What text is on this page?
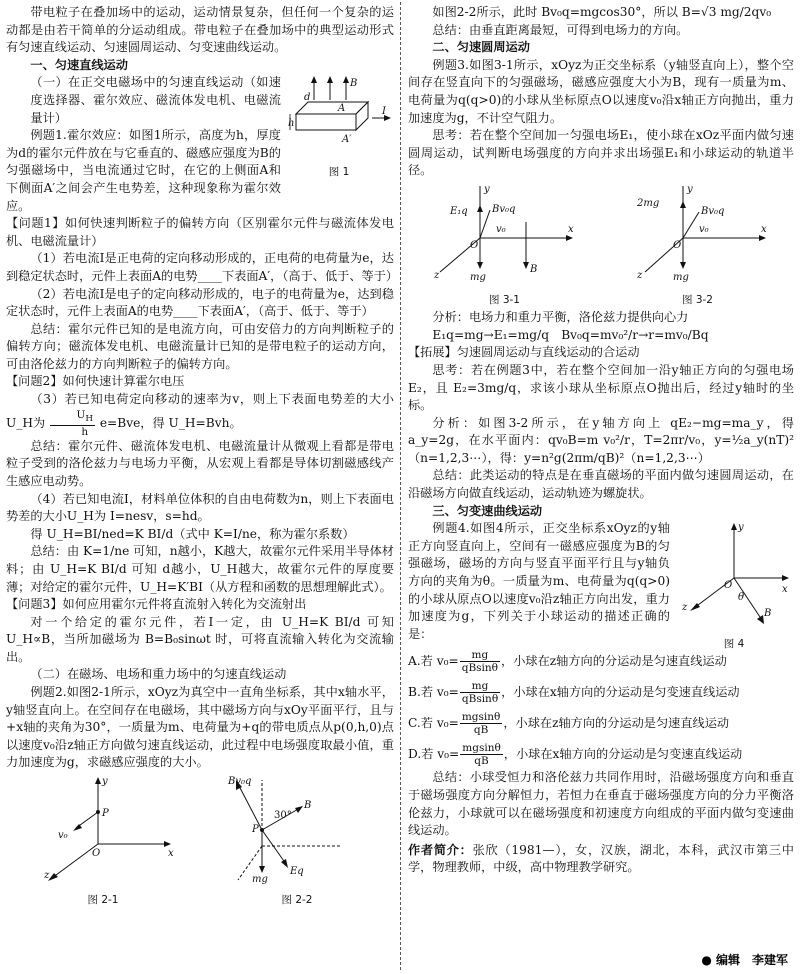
带电粒子在叠加场中的运动，运动情景复杂，但任何一个复杂的运动都是由若干简单的分运动组成。带电粒子在叠加场中的典型运动形式有匀速直线运动、匀速圆周运动、匀变速曲线运动。

一、匀速直线运动

（一）在正交电磁场中的匀速直线运动（如速度选择器、霍尔效应、磁流体发电机、电磁流量计）

例题1.霍尔效应：如图1所示，高度为h，厚度为d的霍尔元件放在与它垂直的、磁感应强度为B的匀强磁场中，当电流通过它时，在它的上侧面A和下侧面A′之间会产生电势差，这种现象称为霍尔效应。

B
A
h
d
I
A′
图 1

【问题1】如何快速判断粒子的偏转方向（区别霍尔元件与磁流体发电机、电磁流量计）

（1）若电流I是正电荷的定向移动形成的，正电荷的电荷量为e，达到稳定状态时，元件上表面A的电势____下表面A′，（高于、低于、等于）

（2）若电流I是电子的定向移动形成的，电子的电荷量为e，达到稳定状态时，元件上表面A的电势____下表面A′，（高于、低于、等于）

总结：霍尔元件已知的是电流方向，可由安倍力的方向判断粒子的偏转方向；磁流体发电机、电磁流量计已知的是带电粒子的运动方向，可由洛伦兹力的方向判断粒子的偏转方向。

【问题2】如何快速计算霍尔电压

（3）若已知电荷定向移动的速率为v，则上下表面电势差的大小U_H为 $\frac{U_H}{h} e=Bve$，得 U_H=Bvh。

总结：霍尔元件、磁流体发电机、电磁流量计从微观上看都是带电粒子受到的洛伦兹力与电场力平衡，从宏观上看都是导体切割磁感线产生感应电动势。

（4）若已知电流I，材料单位体积的自由电荷数为n，则上下表面电势差的大小U_H为 I=nesv，s=hd。

得 U_H=BI/ned=K BI/d（式中 K=I/ne，称为霍尔系数）

总结：由 K=1/ne 可知，n越小，K越大，故霍尔元件采用半导体材料；由 U_H=K BI/d 可知 d越小，U_H越大，故霍尔元件的厚度要薄；对给定的霍尔元件，U_H=K′BI（从方程和函数的思想理解此式）。

【问题3】如何应用霍尔元件将直流射入转化为交流射出

对一个给定的霍尔元件，若I一定，由 U_H=K BI/d 可知 U_H∝B，当所加磁场为 B=B₀sinωt 时，可将直流输入转化为交流输出。

（二）在磁场、电场和重力场中的匀速直线运动

例题2.如图2-1所示，xOyz为真空中一直角坐标系，其中x轴水平，y轴竖直向上。在空间存在电磁场，其中磁场方向与xOy平面平行，且与+x轴的夹角为30°，一质量为m、电荷量为+q的带电质点从p(0,h,0)点以速度v₀沿z轴正方向做匀速直线运动，此过程中电场强度取最小值，重力加速度为g，求磁感应强度的大小。

y
x
z
P
v₀
O
图 2-1
Bv₀q
B
30°
P
mg
Eq
图 2-2

如图2-2所示，此时 Bv₀q=mgcos30°，所以 B=√3 mg/2qv₀

总结：由垂直距离最短，可得到电场力的方向。

二、匀速圆周运动

例题3.如图3-1所示，xOyz为正交坐标系（y轴竖直向上），整个空间存在竖直向下的匀强磁场，磁感应强度大小为B，现有一质量为m、电荷量为q(q>0)的小球从坐标原点O以速度v₀沿x轴正方向抛出，重力加速度为g，不计空气阻力。

思考：若在整个空间加一匀强电场E₁，使小球在xOz平面内做匀速圆周运动，试判断电场强度的方向并求出场强E₁和小球运动的轨道半径。

y
x
z
E₁q Bv₀q
v₀
mg
B
O
图 3-1
y
x
z
2mg
Bv₀q
v₀
mg
O
图 3-2

分析：电场力和重力平衡，洛伦兹力提供向心力

E₁q=mg→E₁=mg/q　Bv₀q=mv₀²/r→r=mv₀/Bq

【拓展】匀速圆周运动与直线运动的合运动

思考：若在例题3中，若在整个空间加一沿y轴正方向的匀强电场E₂，且 E₂=3mg/q，求该小球从坐标原点O抛出后，经过y轴时的坐标。

分析：如图3-2所示，在y轴方向上 qE₂−mg=ma_y，得 a_y=2g，在水平面内：qv₀B=m v₀²/r，T=2πr/v₀，y=½a_y(nT)²（n=1,2,3⋯），得：y=n²g(2πm/qB)²（n=1,2,3⋯）

总结：此类运动的特点是在垂直磁场的平面内做匀速圆周运动，在沿磁场方向做直线运动，运动轨迹为螺旋状。

三、匀变速曲线运动

例题4.如图4所示，正交坐标系xOyz的y轴正方向竖直向上，空间有一磁感应强度为B的匀强磁场，磁场的方向与竖直平面平行且与y轴负方向的夹角为θ。一质量为m、电荷量为q(q>0)的小球从原点O以速度v₀沿z轴正方向出发，重力加速度为g，下列关于小球运动的描述正确的是：

y
x
z
B
θ
O
图 4

A.若 $v_0= \frac{mg}{qBsin\theta}$ ，小球在z轴方向的分运动是匀速直线运动

B.若 $v_0= \frac{mg}{qBsin\theta}$ ，小球在x轴方向的分运动是匀变速直线运动

C.若 $v_0= \frac{mgsin\theta}{qB}$ ，小球在z轴方向的分运动是匀速直线运动

D.若 $v_0= \frac{mgsin\theta}{qB}$ ，小球在x轴方向的分运动是匀变速直线运动

总结：小球受恒力和洛伦兹力共同作用时，沿磁场强度方向和垂直于磁场强度方向分解恒力，若恒力在垂直于磁场强度方向的分力平衡洛伦兹力，小球就可以在磁场强度和初速度方向组成的平面内做匀变速曲线运动。

作者简介：张欣（1981—），女，汉族，湖北，本科，武汉市第三中学，物理教师，中级，高中物理教学研究。

● 编辑　李建军
